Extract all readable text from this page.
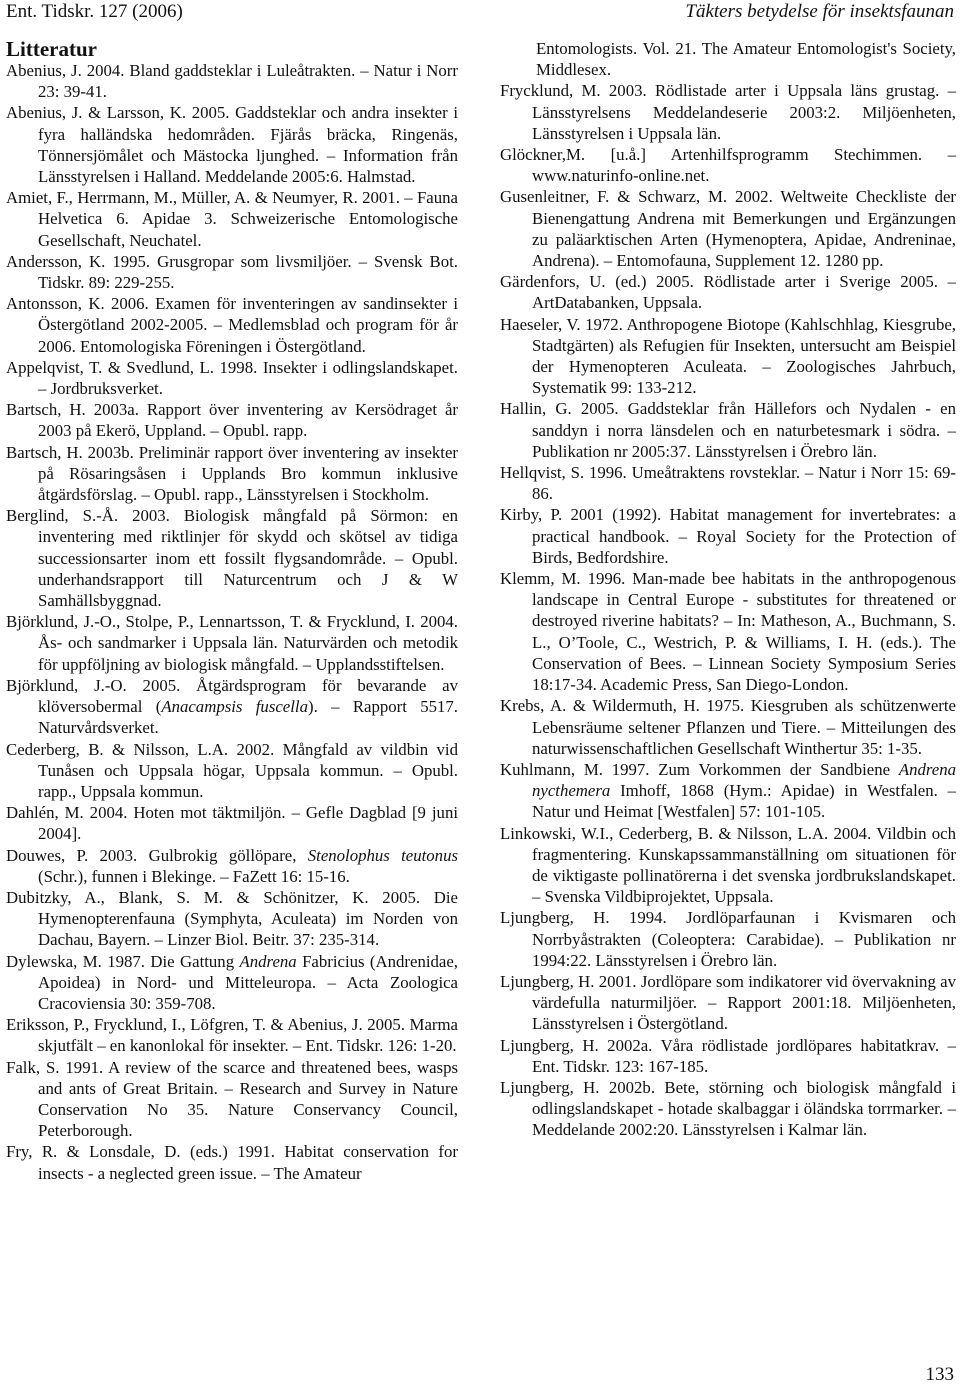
Ent. Tidskr. 127 (2006)	Täkters betydelse för insektsfaunan
Litteratur

Abenius, J. 2004. Bland gaddsteklar i Luleåtrakten. – Natur i Norr 23: 39-41.

Abenius, J. & Larsson, K. 2005. Gaddsteklar och andra insekter i fyra halländska hedområden. Fjärås bräcka, Ringenäs, Tönnersjömålet och Mästocka ljunghed. – Information från Länsstyrelsen i Halland. Meddelande 2005:6. Halmstad.

Amiet, F., Herrmann, M., Müller, A. & Neumyer, R. 2001. – Fauna Helvetica 6. Apidae 3. Schweizerische Entomologische Gesellschaft, Neuchatel.

Andersson, K. 1995. Grusgropar som livsmiljöer. – Svensk Bot. Tidskr. 89: 229-255.

Antonsson, K. 2006. Examen för inventeringen av sandinsekter i Östergötland 2002-2005. – Medlemsblad och program för år 2006. Entomologiska Föreningen i Östergötland.

Appelqvist, T. & Svedlund, L. 1998. Insekter i odlingslandskapet. – Jordbruksverket.

Bartsch, H. 2003a. Rapport över inventering av Kersödraget år 2003 på Ekerö, Uppland. – Opubl. rapp.

Bartsch, H. 2003b. Preliminär rapport över inventering av insekter på Rösaringsåsen i Upplands Bro kommun inklusive åtgärdsförslag. – Opubl. rapp., Länsstyrelsen i Stockholm.

Berglind, S.-Å. 2003. Biologisk mångfald på Sörmon: en inventering med riktlinjer för skydd och skötsel av tidiga successionsarter inom ett fossilt flygsandområde. – Opubl. underhandsrapport till Naturcentrum och J & W Samhällsbyggnad.

Björklund, J.-O., Stolpe, P., Lennartsson, T. & Frycklund, I. 2004. Ås- och sandmarker i Uppsala län. Naturvärden och metodik för uppföljning av biologisk mångfald. – Upplandsstiftelsen.

Björklund, J.-O. 2005. Åtgärdsprogram för bevarande av klöversobermal (Anacampsis fuscella). – Rapport 5517. Naturvårdsverket.

Cederberg, B. & Nilsson, L.A. 2002. Mångfald av vildbin vid Tunåsen och Uppsala högar, Uppsala kommun. – Opubl. rapp., Uppsala kommun.

Dahlén, M. 2004. Hoten mot täktmiljön. – Gefle Dagblad [9 juni 2004].

Douwes, P. 2003. Gulbrokig göllöpare, Stenolophus teutonus (Schr.), funnen i Blekinge. – FaZett 16: 15-16.

Dubitzky, A., Blank, S. M. & Schönitzer, K. 2005. Die Hymenopterenfauna (Symphyta, Aculeata) im Norden von Dachau, Bayern. – Linzer Biol. Beitr. 37: 235-314.

Dylewska, M. 1987. Die Gattung Andrena Fabricius (Andrenidae, Apoidea) in Nord- und Mitteleuropa. – Acta Zoologica Cracoviensia 30: 359-708.

Eriksson, P., Frycklund, I., Löfgren, T. & Abenius, J. 2005. Marma skjutfält – en kanonlokal för insekter. – Ent. Tidskr. 126: 1-20.

Falk, S. 1991. A review of the scarce and threatened bees, wasps and ants of Great Britain. – Research and Survey in Nature Conservation No 35. Nature Conservancy Council, Peterborough.

Fry, R. & Lonsdale, D. (eds.) 1991. Habitat conservation for insects - a neglected green issue. – The Amateur

Entomologists. Vol. 21. The Amateur Entomologist's Society, Middlesex.

Frycklund, M. 2003. Rödlistade arter i Uppsala läns grustag. – Länsstyrelsens Meddelandeserie 2003:2. Miljöenheten, Länsstyrelsen i Uppsala län.

Glöckner,M. [u.å.] Artenhilfsprogramm Stechimmen. – www.naturinfo-online.net.

Gusenleitner, F. & Schwarz, M. 2002. Weltweite Checkliste der Bienengattung Andrena mit Bemerkungen und Ergänzungen zu paläarktischen Arten (Hymenoptera, Apidae, Andreninae, Andrena). – Entomofauna, Supplement 12. 1280 pp.

Gärdenfors, U. (ed.) 2005. Rödlistade arter i Sverige 2005. – ArtDatabanken, Uppsala.

Haeseler, V. 1972. Anthropogene Biotope (Kahlschhlag, Kiesgrube, Stadtgärten) als Refugien für Insekten, untersucht am Beispiel der Hymenopteren Aculeata. – Zoologisches Jahrbuch, Systematik 99: 133-212.

Hallin, G. 2005. Gaddsteklar från Hällefors och Nydalen - en sanddyn i norra länsdelen och en naturbetesmark i södra. – Publikation nr 2005:37. Länsstyrelsen i Örebro län.

Hellqvist, S. 1996. Umeåtraktens rovsteklar. – Natur i Norr 15: 69-86.

Kirby, P. 2001 (1992). Habitat management for invertebrates: a practical handbook. – Royal Society for the Protection of Birds, Bedfordshire.

Klemm, M. 1996. Man-made bee habitats in the anthropogenous landscape in Central Europe - substitutes for threatened or destroyed riverine habitats? – In: Matheson, A., Buchmann, S. L., O’Toole, C., Westrich, P. & Williams, I. H. (eds.). The Conservation of Bees. – Linnean Society Symposium Series 18:17-34. Academic Press, San Diego-London.

Krebs, A. & Wildermuth, H. 1975. Kiesgruben als schützenwerte Lebensräume seltener Pflanzen und Tiere. – Mitteilungen des naturwissenschaftlichen Gesellschaft Winthertur 35: 1-35.

Kuhlmann, M. 1997. Zum Vorkommen der Sandbiene Andrena nycthemera Imhoff, 1868 (Hym.: Apidae) in Westfalen. – Natur und Heimat [Westfalen] 57: 101-105.

Linkowski, W.I., Cederberg, B. & Nilsson, L.A. 2004. Vildbin och fragmentering. Kunskapssammanställning om situationen för de viktigaste pollinatörerna i det svenska jordbrukslandskapet. – Svenska Vildbiprojektet, Uppsala.

Ljungberg, H. 1994. Jordlöparfaunan i Kvismaren och Norrbyåstrakten (Coleoptera: Carabidae). – Publikation nr 1994:22. Länsstyrelsen i Örebro län.

Ljungberg, H. 2001. Jordlöpare som indikatorer vid övervakning av värdefulla naturmiljöer. – Rapport 2001:18. Miljöenheten, Länsstyrelsen i Östergötland.

Ljungberg, H. 2002a. Våra rödlistade jordlöpares habitatkrav. – Ent. Tidskr. 123: 167-185.

Ljungberg, H. 2002b. Bete, störning och biologisk mångfald i odlingslandskapet - hotade skalbaggar i öländska torrmarker. – Meddelande 2002:20. Länsstyrelsen i Kalmar län.

133
